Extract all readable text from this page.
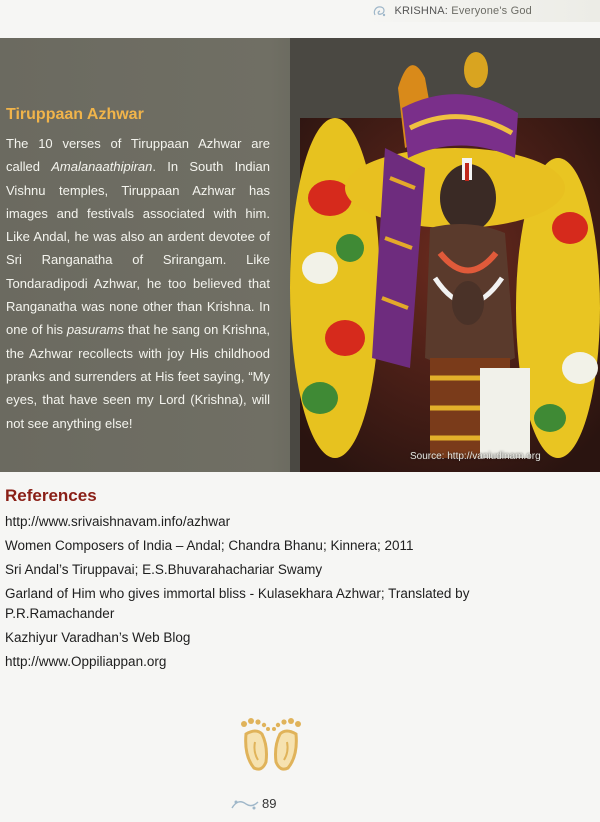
KRISHNA: Everyone's God
Tiruppaan Azhwar

The 10 verses of Tiruppaan Azhwar are called Amalanaathipiran. In South Indian Vishnu temples, Tiruppaan Azhwar has images and festivals associated with him. Like Andal, he was also an ardent devotee of Sri Ranganatha of Srirangam. Like Tondaradipodi Azhwar, he too believed that Ranganatha was none other than Krishna. In one of his pasurams that he sang on Krishna, the Azhwar recollects with joy His childhood pranks and surrenders at His feet saying, “My eyes, that have seen my Lord (Krishna), will not see anything else!

Source: http://vaniudinam.org
References
http://www.srivaishnavam.info/azhwar
Women Composers of India – Andal; Chandra Bhanu; Kinnera; 2011
Sri Andal’s Tiruppavai; E.S.Bhuvarahachariar Swamy
Garland of Him who gives immortal bliss - Kulasekhara Azhwar; Translated by P.R.Ramachander
Kazhiyur Varadhan’s Web Blog
http://www.Oppiliappan.org
89
